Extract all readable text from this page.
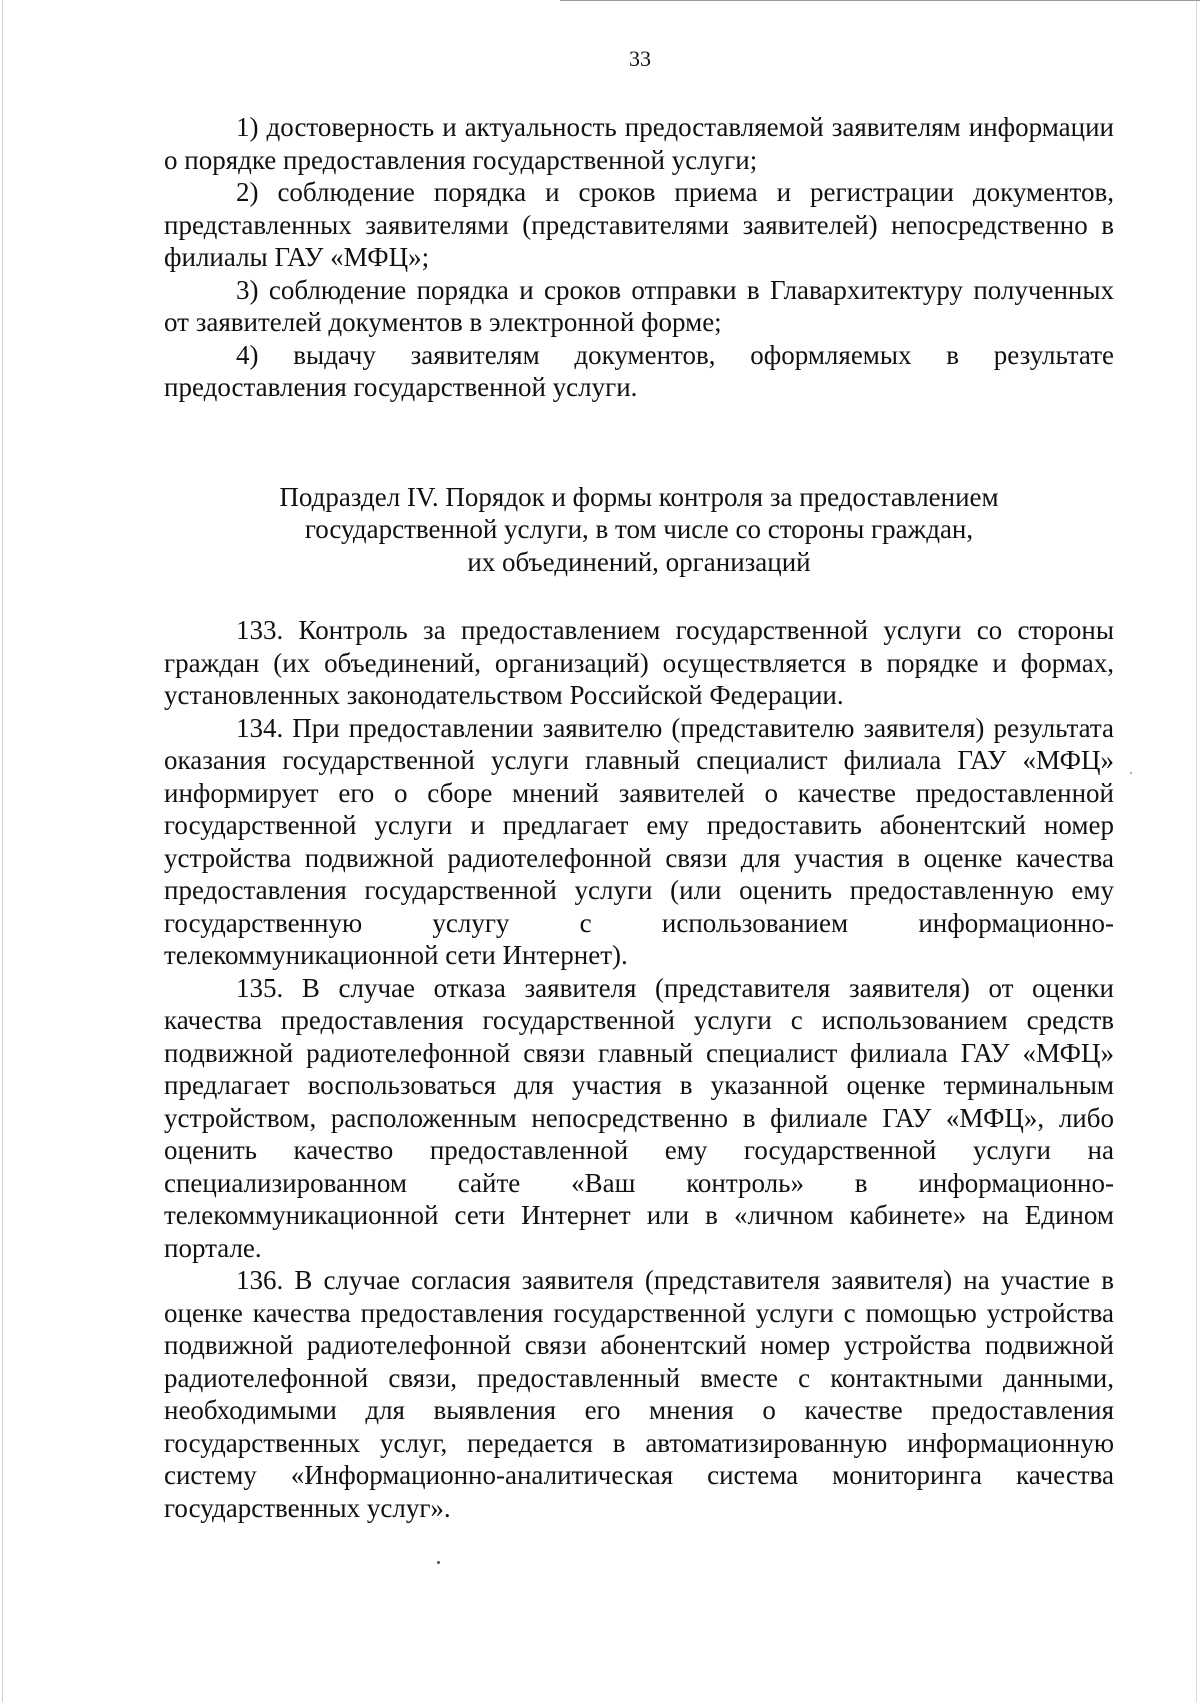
33

1) достоверность и актуальность предоставляемой заявителям информации о порядке предоставления государственной услуги;

2) соблюдение порядка и сроков приема и регистрации документов, представленных заявителями (представителями заявителей) непосредственно в филиалы ГАУ «МФЦ»;

3) соблюдение порядка и сроков отправки в Главархитектуру полученных от заявителей документов в электронной форме;

4) выдачу заявителям документов, оформляемых в результате предоставления государственной услуги.

Подраздел IV. Порядок и формы контроля за предоставлением
государственной услуги, в том числе со стороны граждан,
их объединений, организаций

133. Контроль за предоставлением государственной услуги со стороны граждан (их объединений, организаций) осуществляется в порядке и формах, установленных законодательством Российской Федерации.

134. При предоставлении заявителю (представителю заявителя) результата оказания государственной услуги главный специалист филиала ГАУ «МФЦ» информирует его о сборе мнений заявителей о качестве предоставленной государственной услуги и предлагает ему предоставить абонентский номер устройства подвижной радиотелефонной связи для участия в оценке качества предоставления государственной услуги (или оценить предоставленную ему государственную услугу с использованием информационно-телекоммуникационной сети Интернет).

135. В случае отказа заявителя (представителя заявителя) от оценки качества предоставления государственной услуги с использованием средств подвижной радиотелефонной связи главный специалист филиала ГАУ «МФЦ» предлагает воспользоваться для участия в указанной оценке терминальным устройством, расположенным непосредственно в филиале ГАУ «МФЦ», либо оценить качество предоставленной ему государственной услуги на специализированном сайте «Ваш контроль» в информационно-телекоммуникационной сети Интернет или в «личном кабинете» на Едином портале.

136. В случае согласия заявителя (представителя заявителя) на участие в оценке качества предоставления государственной услуги с помощью устройства подвижной радиотелефонной связи абонентский номер устройства подвижной радиотелефонной связи, предоставленный вместе с контактными данными, необходимыми для выявления его мнения о качестве предоставления государственных услуг, передается в автоматизированную информационную систему «Информационно-аналитическая система мониторинга качества государственных услуг».
